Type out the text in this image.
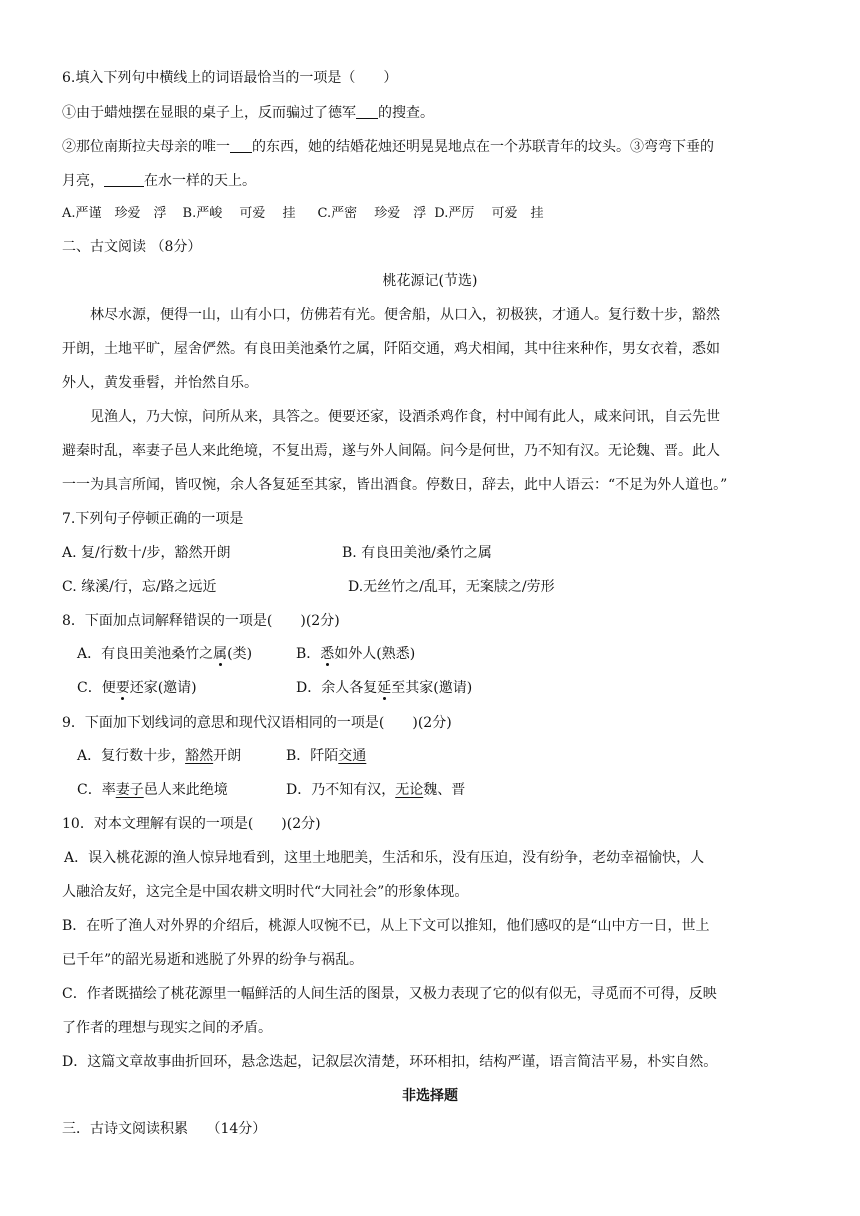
6.填入下列句中横线上的词语最恰当的一项是（　　）
①由于蜡烛摆在显眼的桌子上，反而骗过了德军 的搜查。
②那位南斯拉夫母亲的唯一 的东西，她的结婚花烛还明晃晃地点在一个苏联青年的坟头。③弯弯下垂的
月亮，	在水一样的天上。
A.严谨　珍爱　浮 B.严峻　 可爱　 挂 C.严密　 珍爱　浮 D.严厉　 可爱　挂
二、古文阅读 （8分）
桃花源记(节选)
林尽水源，便得一山，山有小口，仿佛若有光。便舍船，从口入，初极狭，才通人。复行数十步，豁然
开朗，土地平旷，屋舍俨然。有良田美池桑竹之属，阡陌交通，鸡犬相闻，其中往来种作，男女衣着，悉如
外人，黄发垂髫，并怡然自乐。
见渔人，乃大惊，问所从来，具答之。便要还家，设酒杀鸡作食，村中闻有此人，咸来问讯，自云先世
避秦时乱，率妻子邑人来此绝境，不复出焉，遂与外人间隔。问今是何世，乃不知有汉。无论魏、晋。此人
一一为具言所闻，皆叹惋，余人各复延至其家，皆出酒食。停数日，辞去，此中人语云：“不足为外人道也。”
7.下列句子停顿正确的一项是
A. 复/行数十/步，豁然开朗	B. 有良田美池/桑竹之属
C. 缘溪/行，忘/路之远近	D.无丝竹之/乱耳，无案牍之/劳形
8．下面加点词解释错误的一项是(　　)(2分)
A．有良田美池桑竹之属(类)	B．悉如外人(熟悉)
C．便要还家(邀请)	D．余人各复延至其家(邀请)
9．下面加下划线词的意思和现代汉语相同的一项是(　　)(2分)
A．复行数十步，豁然开朗	B．阡陌交通
C．率妻子邑人来此绝境	D．乃不知有汉，无论魏、晋
10．对本文理解有误的一项是(　　)(2分)
A．误入桃花源的渔人惊异地看到，这里土地肥美，生活和乐，没有压迫，没有纷争，老幼幸福愉快，人
人融洽友好，这完全是中国农耕文明时代“大同社会”的形象体现。
B．在听了渔人对外界的介绍后，桃源人叹惋不已，从上下文可以推知，他们感叹的是“山中方一日，世上
已千年”的韶光易逝和逃脱了外界的纷争与祸乱。
C．作者既描绘了桃花源里一幅鲜活的人间生活的图景，又极力表现了它的似有似无，寻觅而不可得，反映
了作者的理想与现实之间的矛盾。
D．这篇文章故事曲折回环，悬念迭起，记叙层次清楚，环环相扣，结构严谨，语言简洁平易，朴实自然。
非选择题
三．古诗文阅读积累　 （14分）
